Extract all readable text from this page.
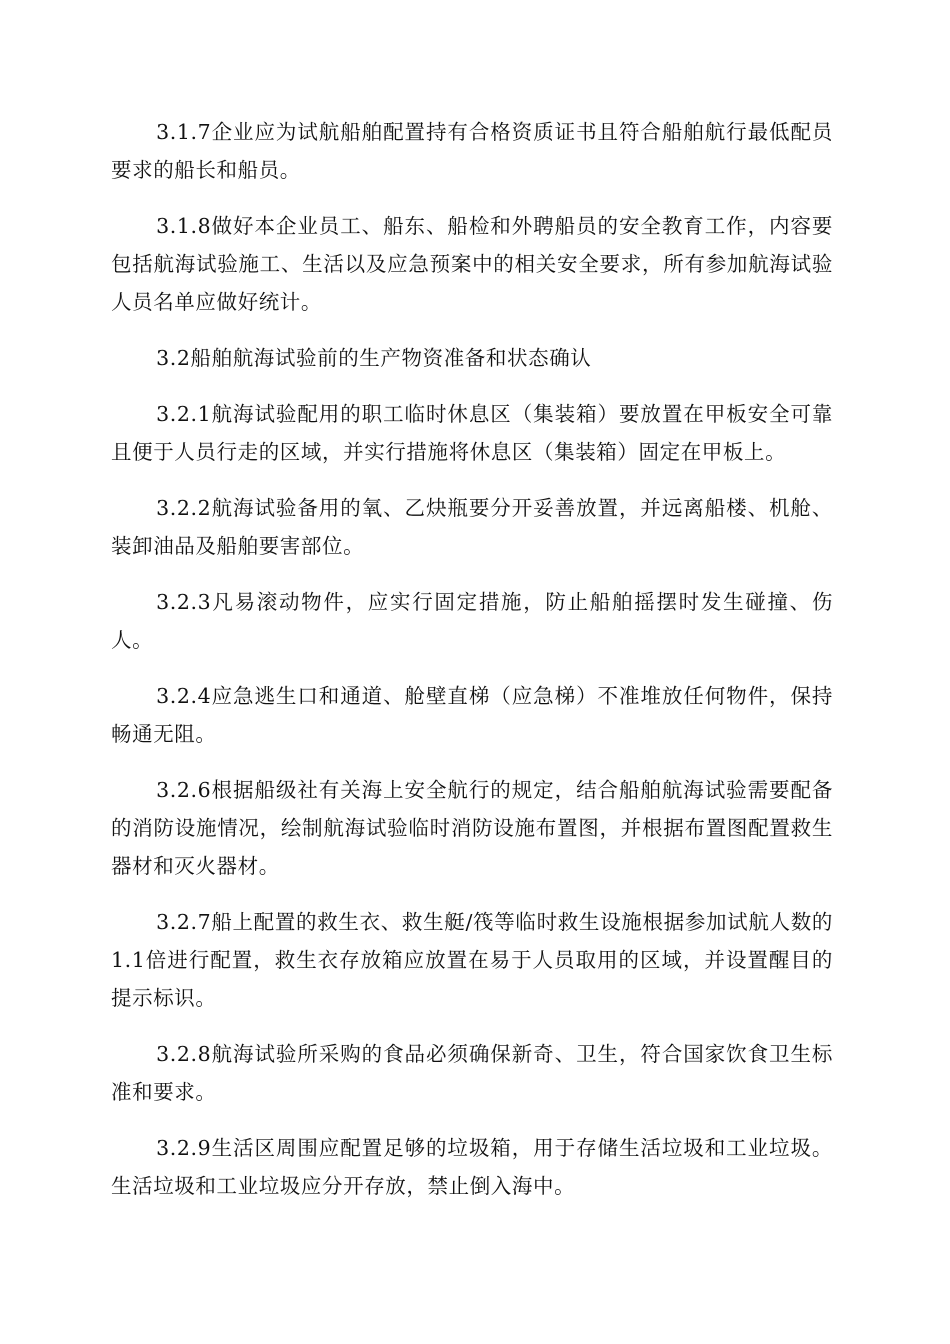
3.1.7企业应为试航船舶配置持有合格资质证书且符合船舶航行最低配员要求的船长和船员。

3.1.8做好本企业员工、船东、船检和外聘船员的安全教育工作，内容要包括航海试验施工、生活以及应急预案中的相关安全要求，所有参加航海试验人员名单应做好统计。

3.2船舶航海试验前的生产物资准备和状态确认

3.2.1航海试验配用的职工临时休息区（集装箱）要放置在甲板安全可靠且便于人员行走的区域，并实行措施将休息区（集装箱）固定在甲板上。

3.2.2航海试验备用的氧、乙炔瓶要分开妥善放置，并远离船楼、机舱、装卸油品及船舶要害部位。

3.2.3凡易滚动物件，应实行固定措施，防止船舶摇摆时发生碰撞、伤人。

3.2.4应急逃生口和通道、舱壁直梯（应急梯）不准堆放任何物件，保持畅通无阻。

3.2.6根据船级社有关海上安全航行的规定，结合船舶航海试验需要配备的消防设施情况，绘制航海试验临时消防设施布置图，并根据布置图配置救生器材和灭火器材。

3.2.7船上配置的救生衣、救生艇/筏等临时救生设施根据参加试航人数的1.1倍进行配置，救生衣存放箱应放置在易于人员取用的区域，并设置醒目的提示标识。

3.2.8航海试验所采购的食品必须确保新奇、卫生，符合国家饮食卫生标准和要求。

3.2.9生活区周围应配置足够的垃圾箱，用于存储生活垃圾和工业垃圾。生活垃圾和工业垃圾应分开存放，禁止倒入海中。
